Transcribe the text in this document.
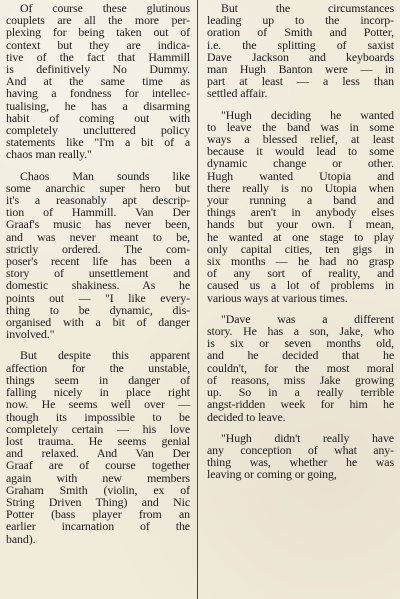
Of course these glutinous
couplets are all the more per-
plexing for being taken out of
context but they are indica-
tive of the fact that Hammill
is definitively No Dummy.
And at the same time as
having a fondness for intellec-
tualising, he has a disarming
habit of coming out with
completely uncluttered policy
statements like "I'm a bit of a
chaos man really."
Chaos Man sounds like
some anarchic super hero but
it's a reasonably apt descrip-
tion of Hammill. Van Der
Graaf's music has never been,
and was never meant to be,
strictly ordered. The com-
poser's recent life has been a
story of unsettlement and
domestic shakiness. As he
points out — "I like every-
thing to be dynamic, dis-
organised with a bit of danger
involved."
But despite this apparent
affection for the unstable,
things seem in danger of
falling nicely in place right
now. He seems well over —
though its impossible to be
completely certain — his love
lost trauma. He seems genial
and relaxed. And Van Der
Graaf are of course together
again with new members
Graham Smith (violin, ex of
String Driven Thing) and Nic
Potter (bass player from an
earlier incarnation of the
band).
But the circumstances
leading up to the incorp-
oration of Smith and Potter,
i.e. the splitting of saxist
Dave Jackson and keyboards
man Hugh Banton were — in
part at least — a less than
settled affair.
"Hugh deciding he wanted
to leave the band was in some
ways a blessed relief, at least
because it would lead to some
dynamic change or other.
Hugh wanted Utopia and
there really is no Utopia when
your running a band and
things aren't in anybody elses
hands but your own. I mean,
he wanted at one stage to play
only capital cities, ten gigs in
six months — he had no grasp
of any sort of reality, and
caused us a lot of problems in
various ways at various times.
"Dave was a different
story. He has a son, Jake, who
is six or seven months old,
and he decided that he
couldn't, for the most moral
of reasons, miss Jake growing
up. So in a really terrible
angst-ridden week for him he
decided to leave.
"Hugh didn't really have
any conception of what any-
thing was, whether he was
leaving or coming or going,
